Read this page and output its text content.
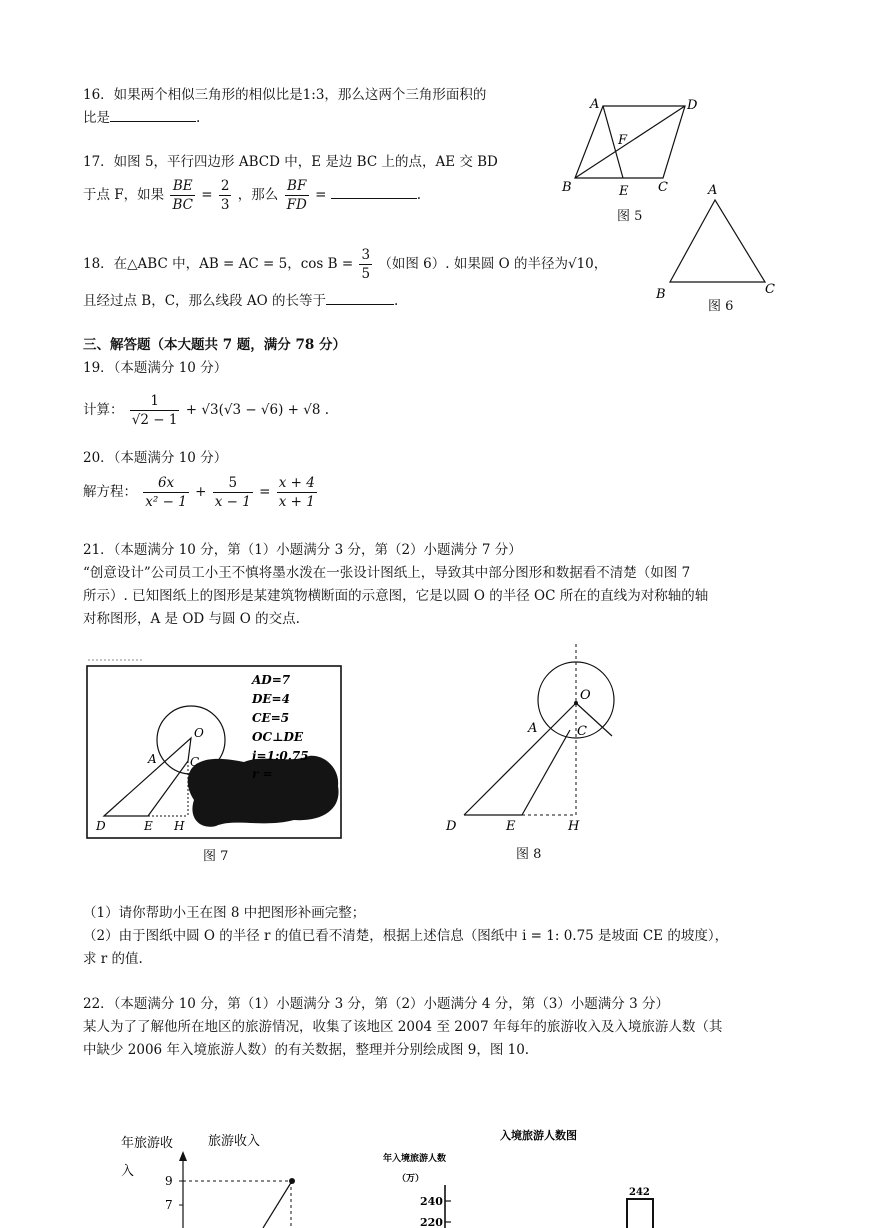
16．如果两个相似三角形的相似比是1:3，那么这两个三角形面积的
比是	.
17．如图 5，平行四边形 ABCD 中，E 是边 BC 上的点，AE 交 BD
于点 F，如果 $\frac{BE}{BC} = \frac{2}{3}$ ，那么 $\frac{BF}{FD}$ =	.
18．在△ABC 中，AB = AC = 5，$\cos B = \frac{3}{5}$ （如图 6）. 如果圆 O 的半径为√10，
且经过点 B，C，那么线段 AO 的长等于	.
三、解答题（本大题共 7 题，满分 78 分）
19．（本题满分 10 分）
计算： $\frac{1}{√2 - 1} + √3(√3 - √6) + √8$ .
20．（本题满分 10 分）
解方程： $\frac{6x}{\text{x² − 1}} + \frac{5}{x - 1} = \frac{x + 4}{x + 1}$
21．（本题满分 10 分，第（1）小题满分 3 分，第（2）小题满分 7 分）
“创意设计”公司员工小王不慎将墨水泼在一张设计图纸上，导致其中部分图形和数据看不清楚（如图 7
所示）. 已知图纸上的图形是某建筑物横断面的示意图，它是以圆 O 的半径 OC 所在的直线为对称轴的轴
对称图形，A 是 OD 与圆 O 的交点.
（1）请你帮助小王在图 8 中把图形补画完整；
（2）由于图纸中圆 O 的半径 r 的值已看不清楚，根据上述信息（图纸中 i = 1: 0.75 是坡面 CE 的坡度），
求 r 的值.
22．（本题满分 10 分，第（1）小题满分 3 分，第（2）小题满分 4 分，第（3）小题满分 3 分）
某人为了了解他所在地区的旅游情况，收集了该地区 2004 至 2007 年每年的旅游收入及入境旅游人数（其
中缺少 2006 年入境旅游人数）的有关数据，整理并分别绘成图 9，图 10.
A	D
F
B	E C
图 5
A
B	C
图 6
O
A	C
D	E H
AD=7
DE=4
CE=5
OC⊥DE
i=1:0.75
r =
图 7
O
A	C
D	E	H
图 8
年旅游收
入
旅游收入
9
7
入境旅游人数图
年入境旅游人数
（万）
240
220
242
